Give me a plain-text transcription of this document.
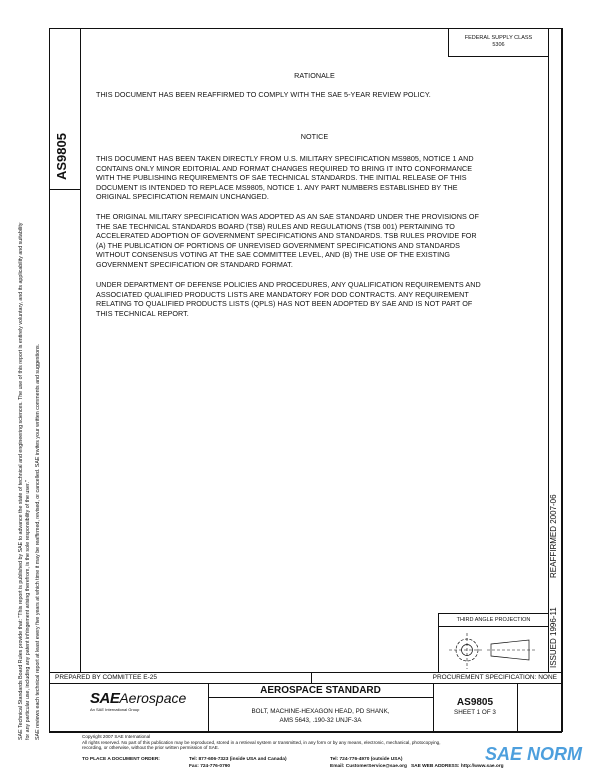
FEDERAL SUPPLY CLASS
5306
AS9805
SAE Technical Standards Board Rules provide that: "This report is published by SAE to advance the state of technical and engineering sciences. The use of this report is entirely voluntary, and its applicability and suitability for any particular use, including any patent infringement arising therefrom, is the sole responsibility of the user." SAE reviews each technical report at least every five years at which time it may be reaffirmed, revised, or cancelled. SAE invites your written comments and suggestions.	REAFFIRMED 2007-06
ISSUED 1996-11
RATIONALE
THIS DOCUMENT HAS BEEN REAFFIRMED TO COMPLY WITH THE SAE 5-YEAR REVIEW POLICY.
NOTICE
THIS DOCUMENT HAS BEEN TAKEN DIRECTLY FROM U.S. MILITARY SPECIFICATION MS9805, NOTICE 1 AND
CONTAINS ONLY MINOR EDITORIAL AND FORMAT CHANGES REQUIRED TO BRING IT INTO CONFORMANCE
WITH THE PUBLISHING REQUIREMENTS OF SAE TECHNICAL STANDARDS. THE INITIAL RELEASE OF THIS
DOCUMENT IS INTENDED TO REPLACE MS9805, NOTICE 1. ANY PART NUMBERS ESTABLISHED BY THE
ORIGINAL SPECIFICATION REMAIN UNCHANGED.
THE ORIGINAL MILITARY SPECIFICATION WAS ADOPTED AS AN SAE STANDARD UNDER THE PROVISIONS OF
THE SAE TECHNICAL STANDARDS BOARD (TSB) RULES AND REGULATIONS (TSB 001) PERTAINING TO
ACCELERATED ADOPTION OF GOVERNMENT SPECIFICATIONS AND STANDARDS. TSB RULES PROVIDE FOR
(A) THE PUBLICATION OF PORTIONS OF UNREVISED GOVERNMENT SPECIFICATIONS AND STANDARDS
WITHOUT CONSENSUS VOTING AT THE SAE COMMITTEE LEVEL, AND (B) THE USE OF THE EXISTING
GOVERNMENT SPECIFICATION OR STANDARD FORMAT.
UNDER DEPARTMENT OF DEFENSE POLICIES AND PROCEDURES, ANY QUALIFICATION REQUIREMENTS AND
ASSOCIATED QUALIFIED PRODUCTS LISTS ARE MANDATORY FOR DOD CONTRACTS. ANY REQUIREMENT
RELATING TO QUALIFIED PRODUCTS LISTS (QPLS) HAS NOT BEEN ADOPTED BY SAE AND IS NOT PART OF
THIS TECHNICAL REPORT.
THIRD ANGLE PROJECTION
PREPARED BY COMMITTEE E-25	PROCUREMENT SPECIFICATION: NONE
SAEAerospace
An SAE International Group
AEROSPACE STANDARD
BOLT, MACHINE-HEXAGON HEAD, PD SHANK,
AMS 5643, .190-32 UNJF-3A
AS9805
SHEET 1 OF 3
Copyright 2007 SAE International
All rights reserved. No part of this publication may be reproduced, stored in a retrieval system or transmitted, in any form or by any means, electronic, mechanical, photocopying,
recording, or otherwise, without the prior written permission of SAE.
TO PLACE A DOCUMENT ORDER:	Tel: 877-606-7323 (inside USA and Canada)
Fax: 724-776-0790
Tel: 724-776-4970 (outside USA)
Email: CustomerService@sae.org SAE WEB ADDRESS: http://www.sae.org
SAE NORM
